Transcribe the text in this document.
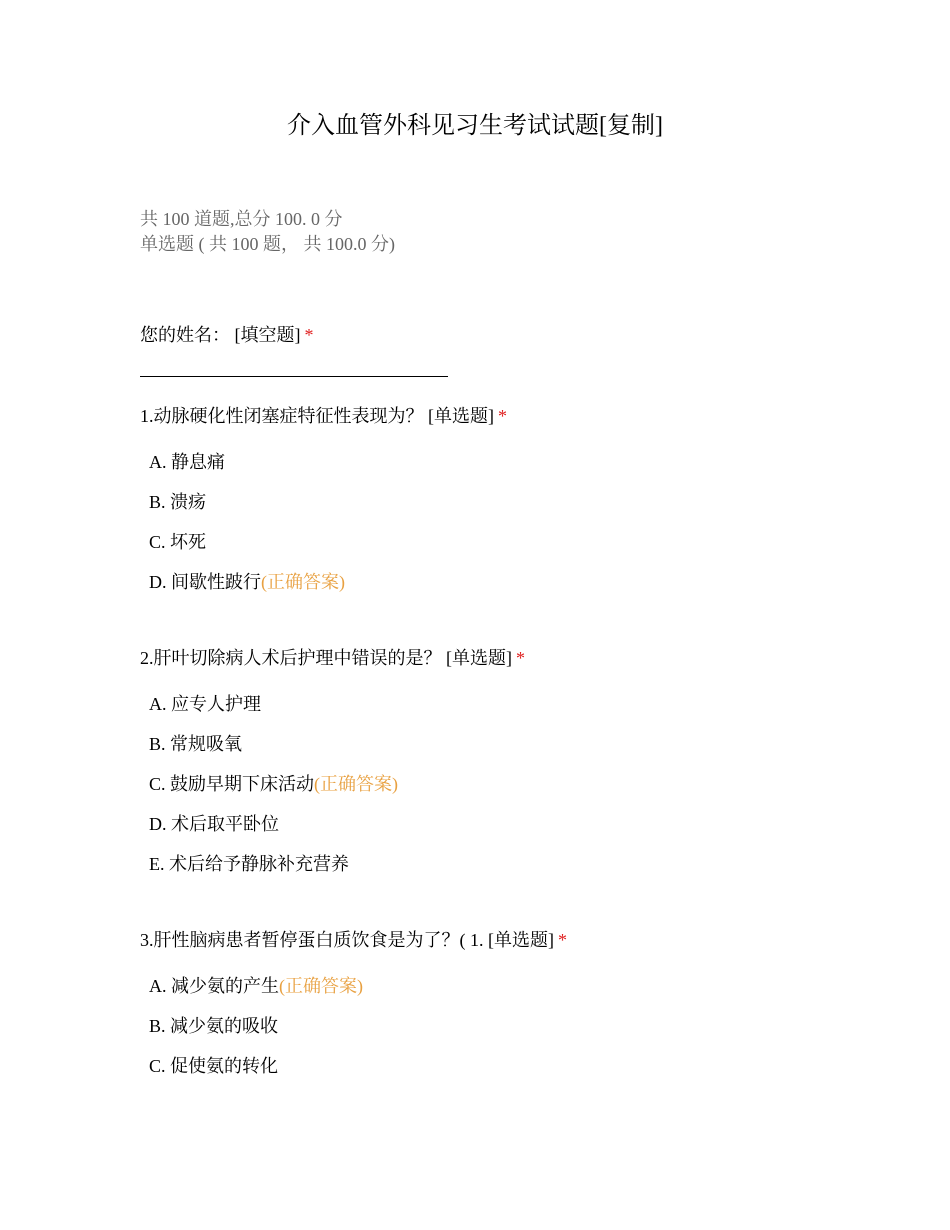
介入血管外科见习生考试试题[复制]
共 100 道题,总分 100. 0 分
单选题 ( 共 100 题， 共 100.0 分)
您的姓名： [填空题] *
1.动脉硬化性闭塞症特征性表现为？ [单选题] *
A. 静息痛
B. 溃疡
C. 坏死
D. 间歇性跛行(正确答案)
2.肝叶切除病人术后护理中错误的是？ [单选题] *
A. 应专人护理
B. 常规吸氧
C. 鼓励早期下床活动(正确答案)
D. 术后取平卧位
E. 术后给予静脉补充营养
3.肝性脑病患者暂停蛋白质饮食是为了？( 1. [单选题] *
A. 减少氨的产生(正确答案)
B. 减少氨的吸收
C. 促使氨的转化
